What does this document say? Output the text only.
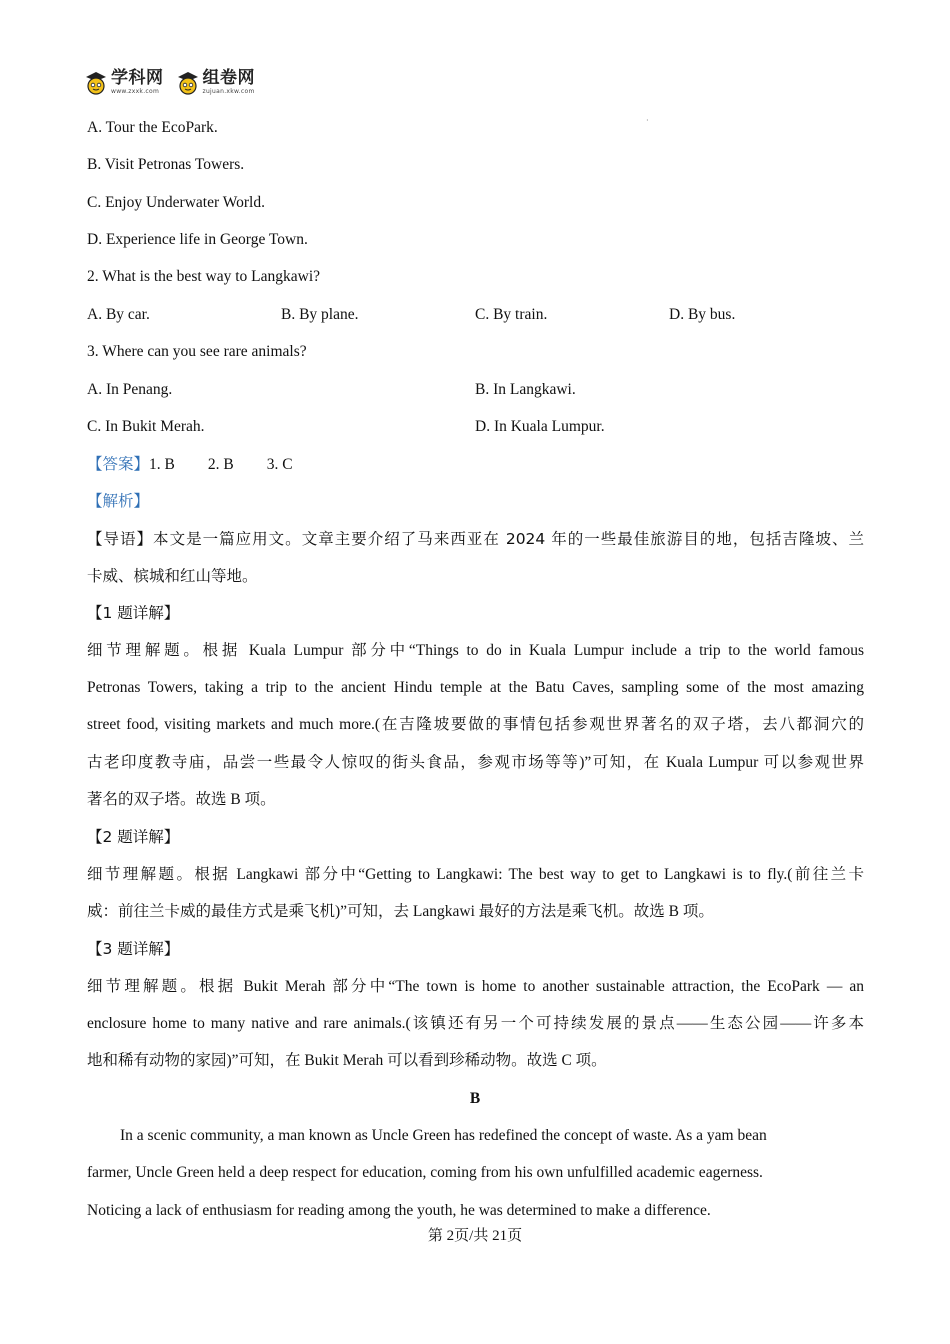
学科网
www.zxxk.com
组卷网
zujuan.xkw.com
·
A. Tour the EcoPark.
B. Visit Petronas Towers.
C. Enjoy Underwater World.
D. Experience life in George Town.
2. What is the best way to Langkawi?
A. By car.	B. By plane.	C. By train.	D. By bus.
3. Where can you see rare animals?
A. In Penang.	B. In Langkawi.
C. In Bukit Merah.	D. In Kuala Lumpur.
【答案】1. B 2. B 3. C
【解析】
【导语】本文是一篇应用文。文章主要介绍了马来西亚在 2024 年的一些最佳旅游目的地，包括吉隆坡、兰
卡威、槟城和红山等地。
【1 题详解】
细节理解题。根据 Kuala Lumpur 部分中“Things to do in Kuala Lumpur include a trip to the world famous
Petronas Towers, taking a trip to the ancient Hindu temple at the Batu Caves, sampling some of the most amazing
street food, visiting markets and much more.(在吉隆坡要做的事情包括参观世界著名的双子塔，去八都洞穴的
古老印度教寺庙，品尝一些最令人惊叹的街头食品，参观市场等等)”可知，在 Kuala Lumpur 可以参观世界
著名的双子塔。故选 B 项。
【2 题详解】
细节理解题。根据 Langkawi 部分中“Getting to Langkawi: The best way to get to Langkawi is to fly.(前往兰卡
威：前往兰卡威的最佳方式是乘飞机)”可知，去 Langkawi 最好的方法是乘飞机。故选 B 项。
【3 题详解】
细节理解题。根据 Bukit Merah 部分中“The town is home to another sustainable attraction, the EcoPark — an
enclosure home to many native and rare animals.(该镇还有另一个可持续发展的景点——生态公园——许多本
地和稀有动物的家园)”可知，在 Bukit Merah 可以看到珍稀动物。故选 C 项。
B
In a scenic community, a man known as Uncle Green has redefined the concept of waste. As a yam bean
farmer, Uncle Green held a deep respect for education, coming from his own unfulfilled academic eagerness.
Noticing a lack of enthusiasm for reading among the youth, he was determined to make a difference.
第 2页/共 21页
